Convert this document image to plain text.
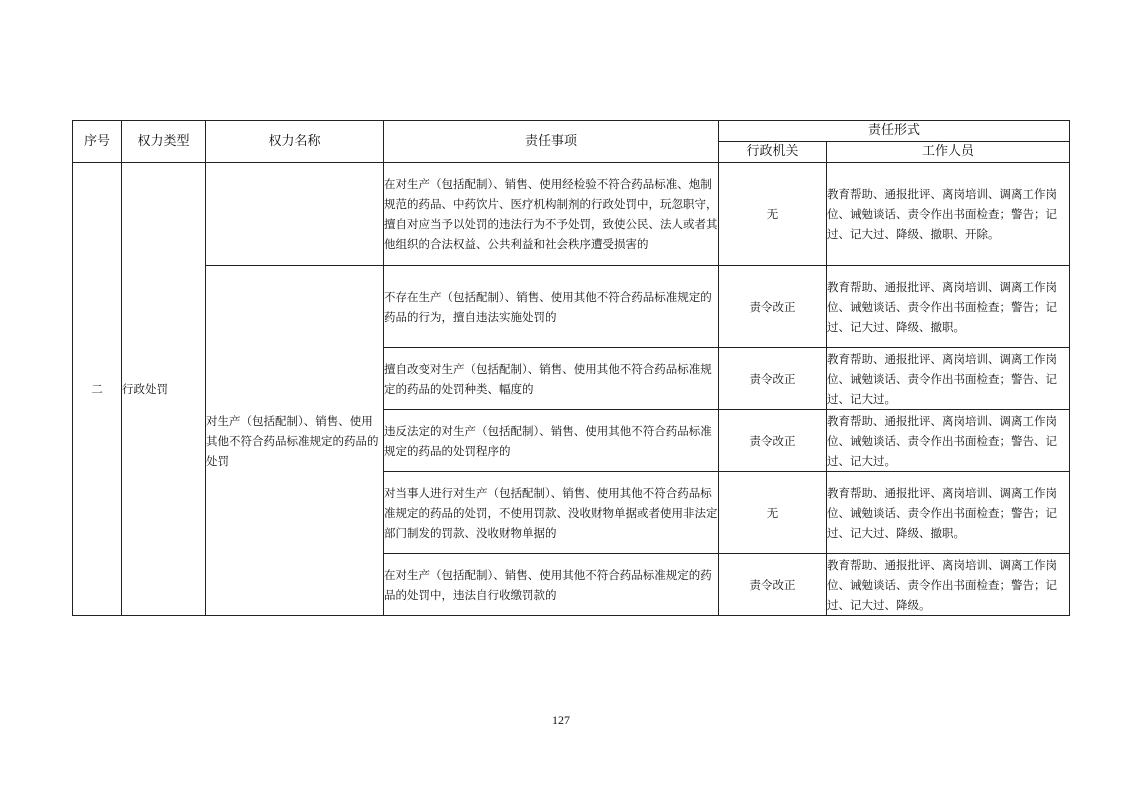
序号	权力类型	权力名称	责任事项	责任形式	
				行政机关	工作人员
二	行政处罚		在对生产（包括配制）、销售、使用经检验不符合药品标准、炮制规范的药品、中药饮片、医疗机构制剂的行政处罚中，玩忽职守，擅自对应当予以处罚的违法行为不予处罚，致使公民、法人或者其他组织的合法权益、公共利益和社会秩序遭受损害的	无	教育帮助、通报批评、离岗培训、调离工作岗位、诫勉谈话、责令作出书面检查；警告；记过、记大过、降级、撤职、开除。
		对生产（包括配制）、销售、使用其他不符合药品标准规定的药品的处罚	不存在生产（包括配制）、销售、使用其他不符合药品标准规定的药品的行为，擅自违法实施处罚的	责令改正	教育帮助、通报批评、离岗培训、调离工作岗位、诫勉谈话、责令作出书面检查；警告；记过、记大过、降级、撤职。
			擅自改变对生产（包括配制）、销售、使用其他不符合药品标准规定的药品的处罚种类、幅度的	责令改正	教育帮助、通报批评、离岗培训、调离工作岗位、诫勉谈话、责令作出书面检查；警告、记过、记大过。
			违反法定的对生产（包括配制）、销售、使用其他不符合药品标准规定的药品的处罚程序的	责令改正	教育帮助、通报批评、离岗培训、调离工作岗位、诫勉谈话、责令作出书面检查；警告、记过、记大过。
			对当事人进行对生产（包括配制）、销售、使用其他不符合药品标准规定的药品的处罚，不使用罚款、没收财物单据或者使用非法定部门制发的罚款、没收财物单据的	无	教育帮助、通报批评、离岗培训、调离工作岗位、诫勉谈话、责令作出书面检查；警告；记过、记大过、降级、撤职。
			在对生产（包括配制）、销售、使用其他不符合药品标准规定的药品的处罚中，违法自行收缴罚款的	责令改正	教育帮助、通报批评、离岗培训、调离工作岗位、诫勉谈话、责令作出书面检查；警告；记过、记大过、降级。
127
